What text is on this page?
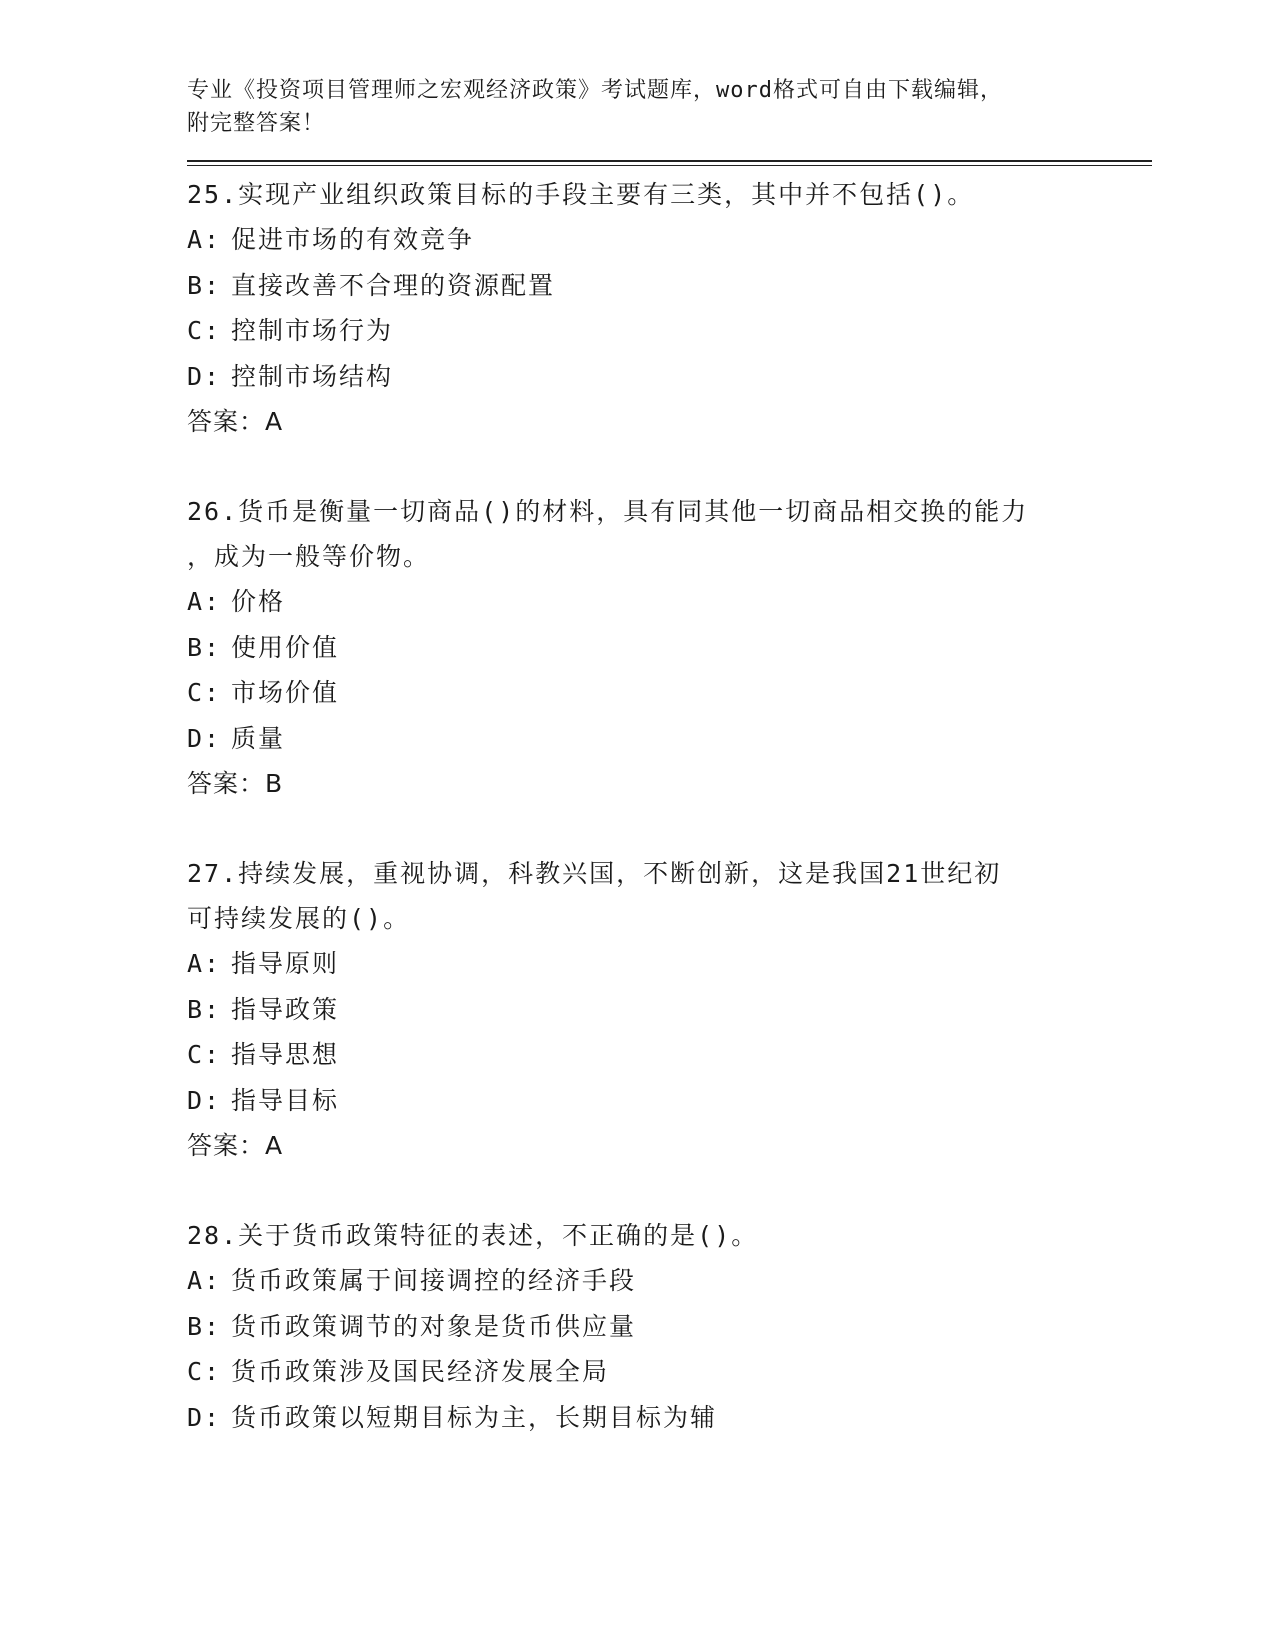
专业《投资项目管理师之宏观经济政策》考试题库，word格式可自由下载编辑，
附完整答案！
25.实现产业组织政策目标的手段主要有三类，其中并不包括()。
A: 促进市场的有效竞争
B: 直接改善不合理的资源配置
C: 控制市场行为
D: 控制市场结构
答案：A
26.货币是衡量一切商品()的材料，具有同其他一切商品相交换的能力
，成为一般等价物。
A: 价格
B: 使用价值
C: 市场价值
D: 质量
答案：B
27.持续发展，重视协调，科教兴国，不断创新，这是我国21世纪初
可持续发展的()。
A: 指导原则
B: 指导政策
C: 指导思想
D: 指导目标
答案：A
28.关于货币政策特征的表述，不正确的是()。
A: 货币政策属于间接调控的经济手段
B: 货币政策调节的对象是货币供应量
C: 货币政策涉及国民经济发展全局
D: 货币政策以短期目标为主，长期目标为辅
